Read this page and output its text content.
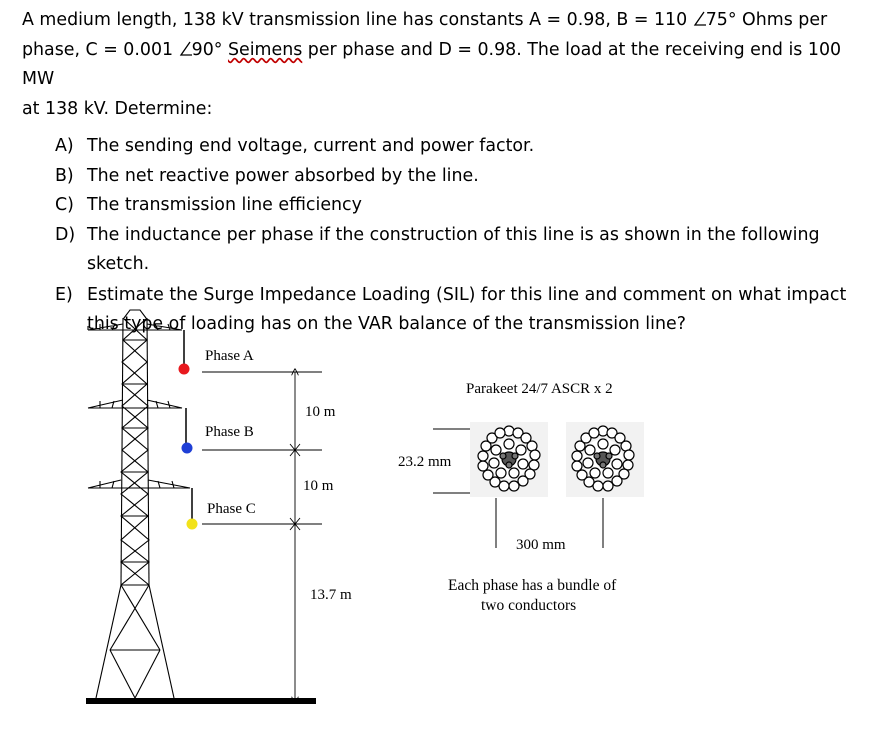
A medium length, 138 kV transmission line has constants A = 0.98, B = 110 75° Ohms per
phase, C = 0.001 90° Seimens per phase and D = 0.98. The load at the receiving end is 100 MW
at 138 kV. Determine:

A) The sending end voltage, current and power factor.
B) The net reactive power absorbed by the line.
C) The transmission line efficiency
D) The inductance per phase if the construction of this line is as shown in the following sketch.
E) Estimate the Surge Impedance Loading (SIL) for this line and comment on what impact this type of loading has on the VAR balance of the transmission line?
Phase A
Phase B
Phase C
10 m
10 m
13.7 m
Parakeet 24/7 ASCR x 2
23.2 mm
300 mm
Each phase has a bundle of
two conductors
